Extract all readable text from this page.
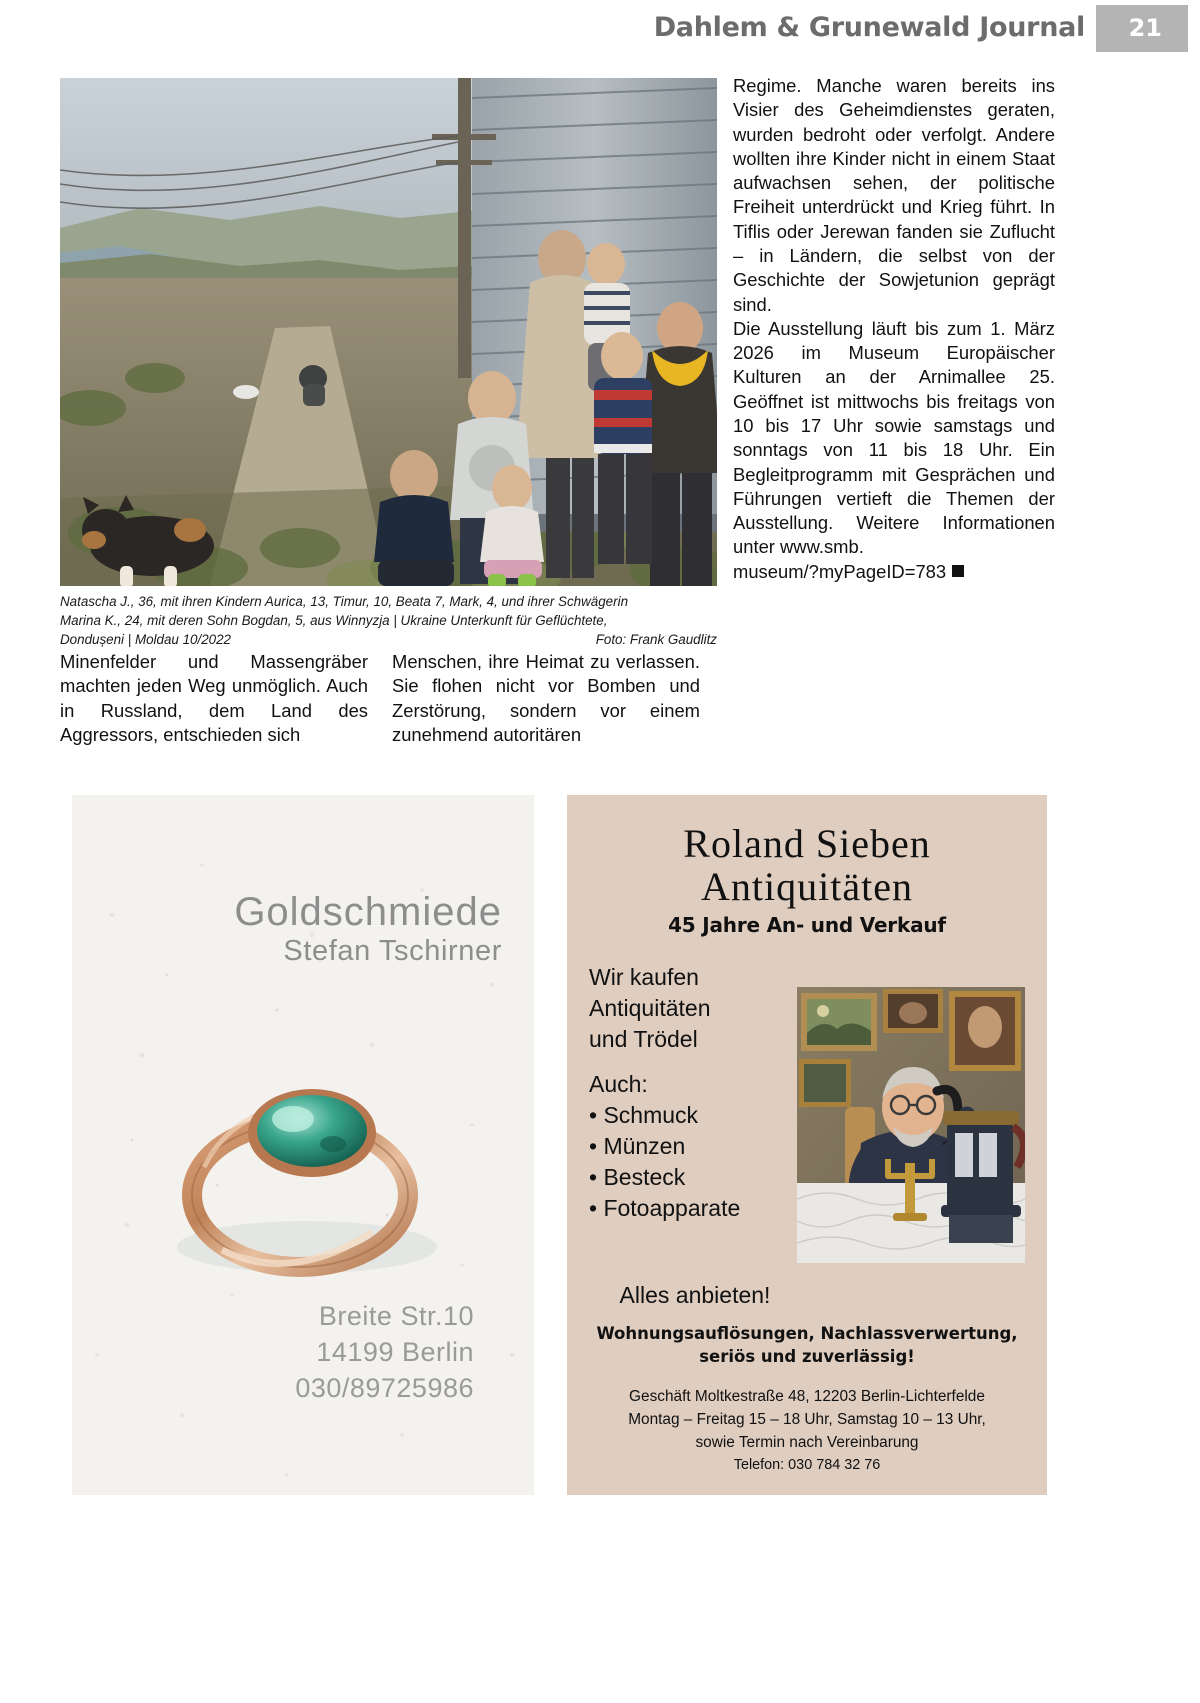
Dahlem & Grunewald Journal 21
Natascha J., 36, mit ihren Kindern Aurica, 13, Timur, 10, Beata 7, Mark, 4, und ihrer Schwägerin
Marina K., 24, mit deren Sohn Bogdan, 5, aus Winnyzja | Ukraine Unterkunft für Geflüchtete,
Foto: Frank Gaudlitz
Dondușeni | Moldau 10/2022

Minenfelder und Massengräber machten jeden Weg unmöglich. Auch in Russland, dem Land des Aggressors, entschieden sich

Menschen, ihre Heimat zu verlassen. Sie flohen nicht vor Bomben und Zerstörung, sondern vor einem zunehmend autoritären

Regime. Manche waren bereits ins Visier des Geheimdienstes geraten, wurden bedroht oder verfolgt. Andere wollten ihre Kinder nicht in einem Staat aufwachsen sehen, der politische Freiheit unterdrückt und Krieg führt. In Tiflis oder Jerewan fanden sie Zuflucht – in Ländern, die selbst von der Geschichte der Sowjetunion geprägt sind.

Die Ausstellung läuft bis zum 1. März 2026 im Museum Europäischer Kulturen an der Arnimallee 25. Geöffnet ist mittwochs bis freitags von 10 bis 17 Uhr sowie samstags und sonntags von 11 bis 18 Uhr. Ein Begleitprogramm mit Gesprächen und Führungen vertieft die Themen der Ausstellung. Weitere Informationen unter www.smb.

museum/?myPageID=783

Goldschmiede
Stefan Tschirner
Breite Str.10
14199 Berlin
030/89725986
Roland Sieben
Antiquitäten
45 Jahre An- und Verkauf
Wir kaufen
Antiquitäten
und Trödel
Auch:
• Schmuck
• Münzen
• Besteck
• Fotoapparate
Alles anbieten!
Wohnungsauflösungen, Nachlassverwertung,
seriös und zuverlässig!
Geschäft Moltkestraße 48, 12203 Berlin-Lichterfelde
Montag – Freitag 15 – 18 Uhr, Samstag 10 – 13 Uhr,
sowie Termin nach Vereinbarung
Telefon: 030 784 32 76
